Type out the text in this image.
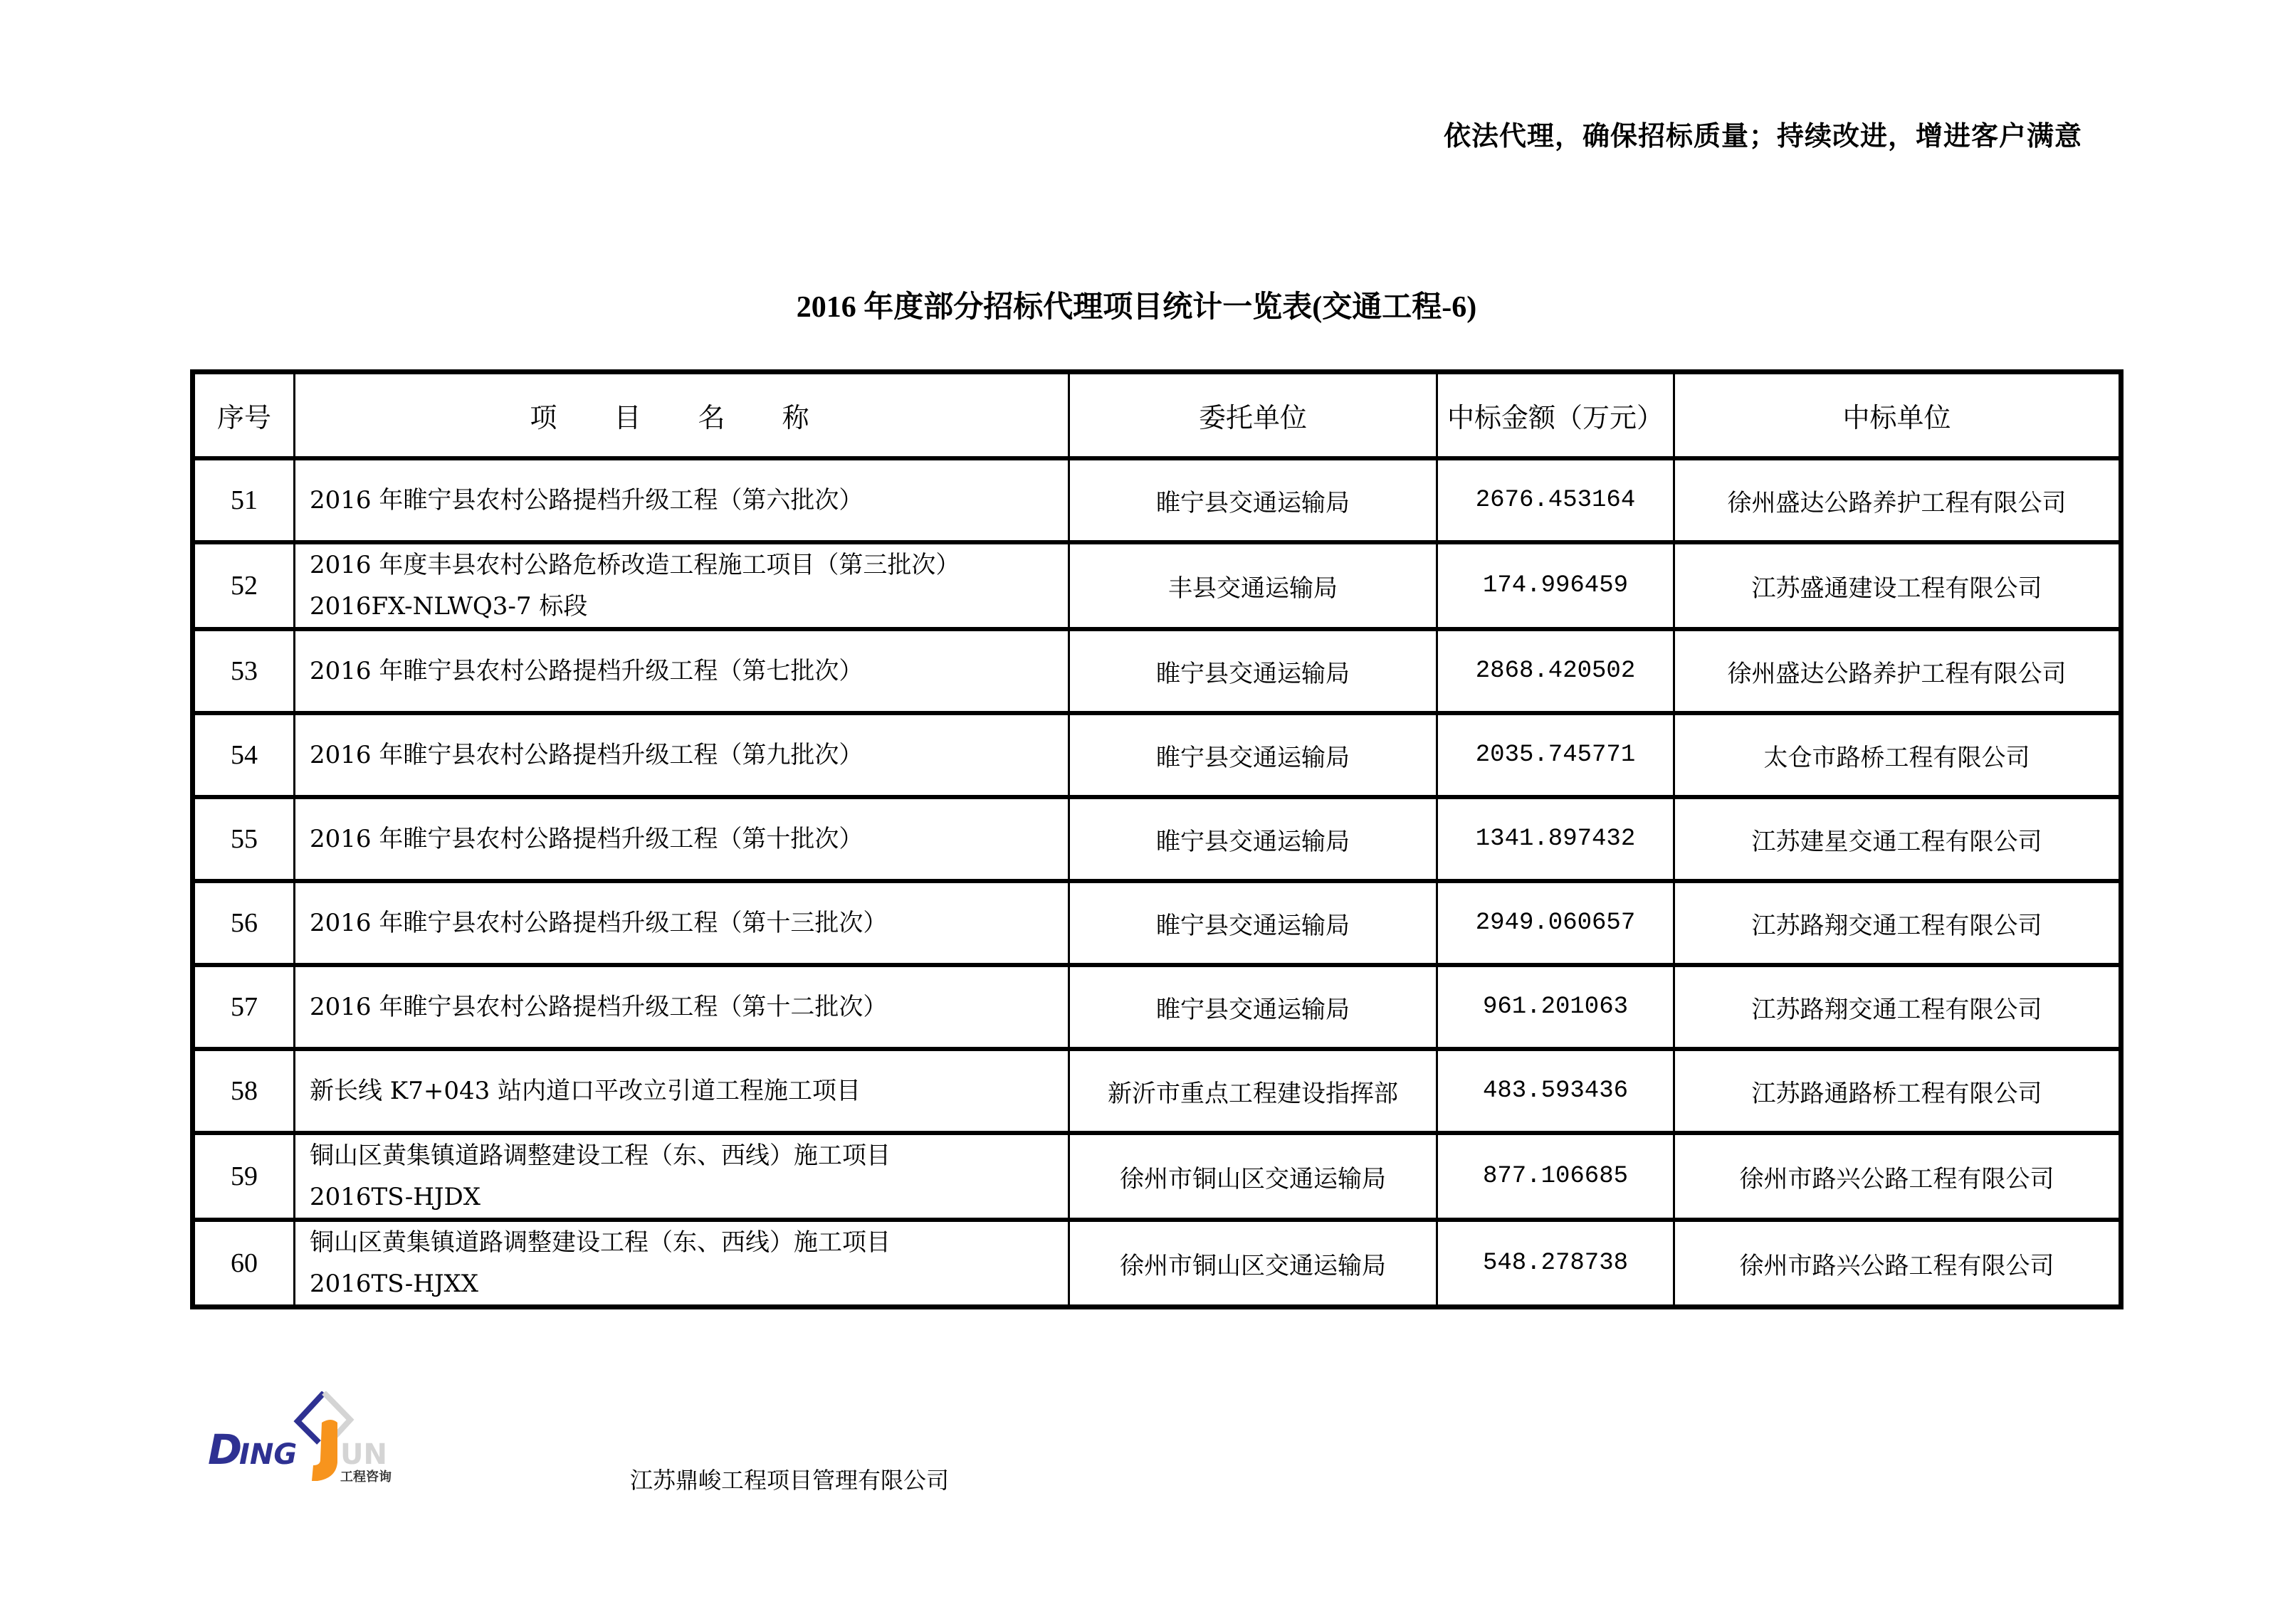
依法代理，确保招标质量；持续改进，增进客户满意
2016 年度部分招标代理项目统计一览表(交通工程-6)
序号	项 目 名 称	委托单位	中标金额（万元）	中标单位
51	2016 年睢宁县农村公路提档升级工程（第六批次）	睢宁县交通运输局	2676.453164	徐州盛达公路养护工程有限公司
52	2016 年度丰县农村公路危桥改造工程施工项目（第三批次）
2016FX-NLWQ3-7 标段	丰县交通运输局	174.996459	江苏盛通建设工程有限公司
53	2016 年睢宁县农村公路提档升级工程（第七批次）	睢宁县交通运输局	2868.420502	徐州盛达公路养护工程有限公司
54	2016 年睢宁县农村公路提档升级工程（第九批次）	睢宁县交通运输局	2035.745771	太仓市路桥工程有限公司
55	2016 年睢宁县农村公路提档升级工程（第十批次）	睢宁县交通运输局	1341.897432	江苏建星交通工程有限公司
56	2016 年睢宁县农村公路提档升级工程（第十三批次）	睢宁县交通运输局	2949.060657	江苏路翔交通工程有限公司
57	2016 年睢宁县农村公路提档升级工程（第十二批次）	睢宁县交通运输局	961.201063	江苏路翔交通工程有限公司
58	新长线 K7+043 站内道口平改立引道工程施工项目	新沂市重点工程建设指挥部	483.593436	江苏路通路桥工程有限公司
59	铜山区黄集镇道路调整建设工程（东、西线）施工项目
2016TS-HJDX	徐州市铜山区交通运输局	877.106685	徐州市路兴公路工程有限公司
60	铜山区黄集镇道路调整建设工程（东、西线）施工项目
2016TS-HJXX	徐州市铜山区交通运输局	548.278738	徐州市路兴公路工程有限公司
D
ING UN
工程咨询	江苏鼎峻工程项目管理有限公司
